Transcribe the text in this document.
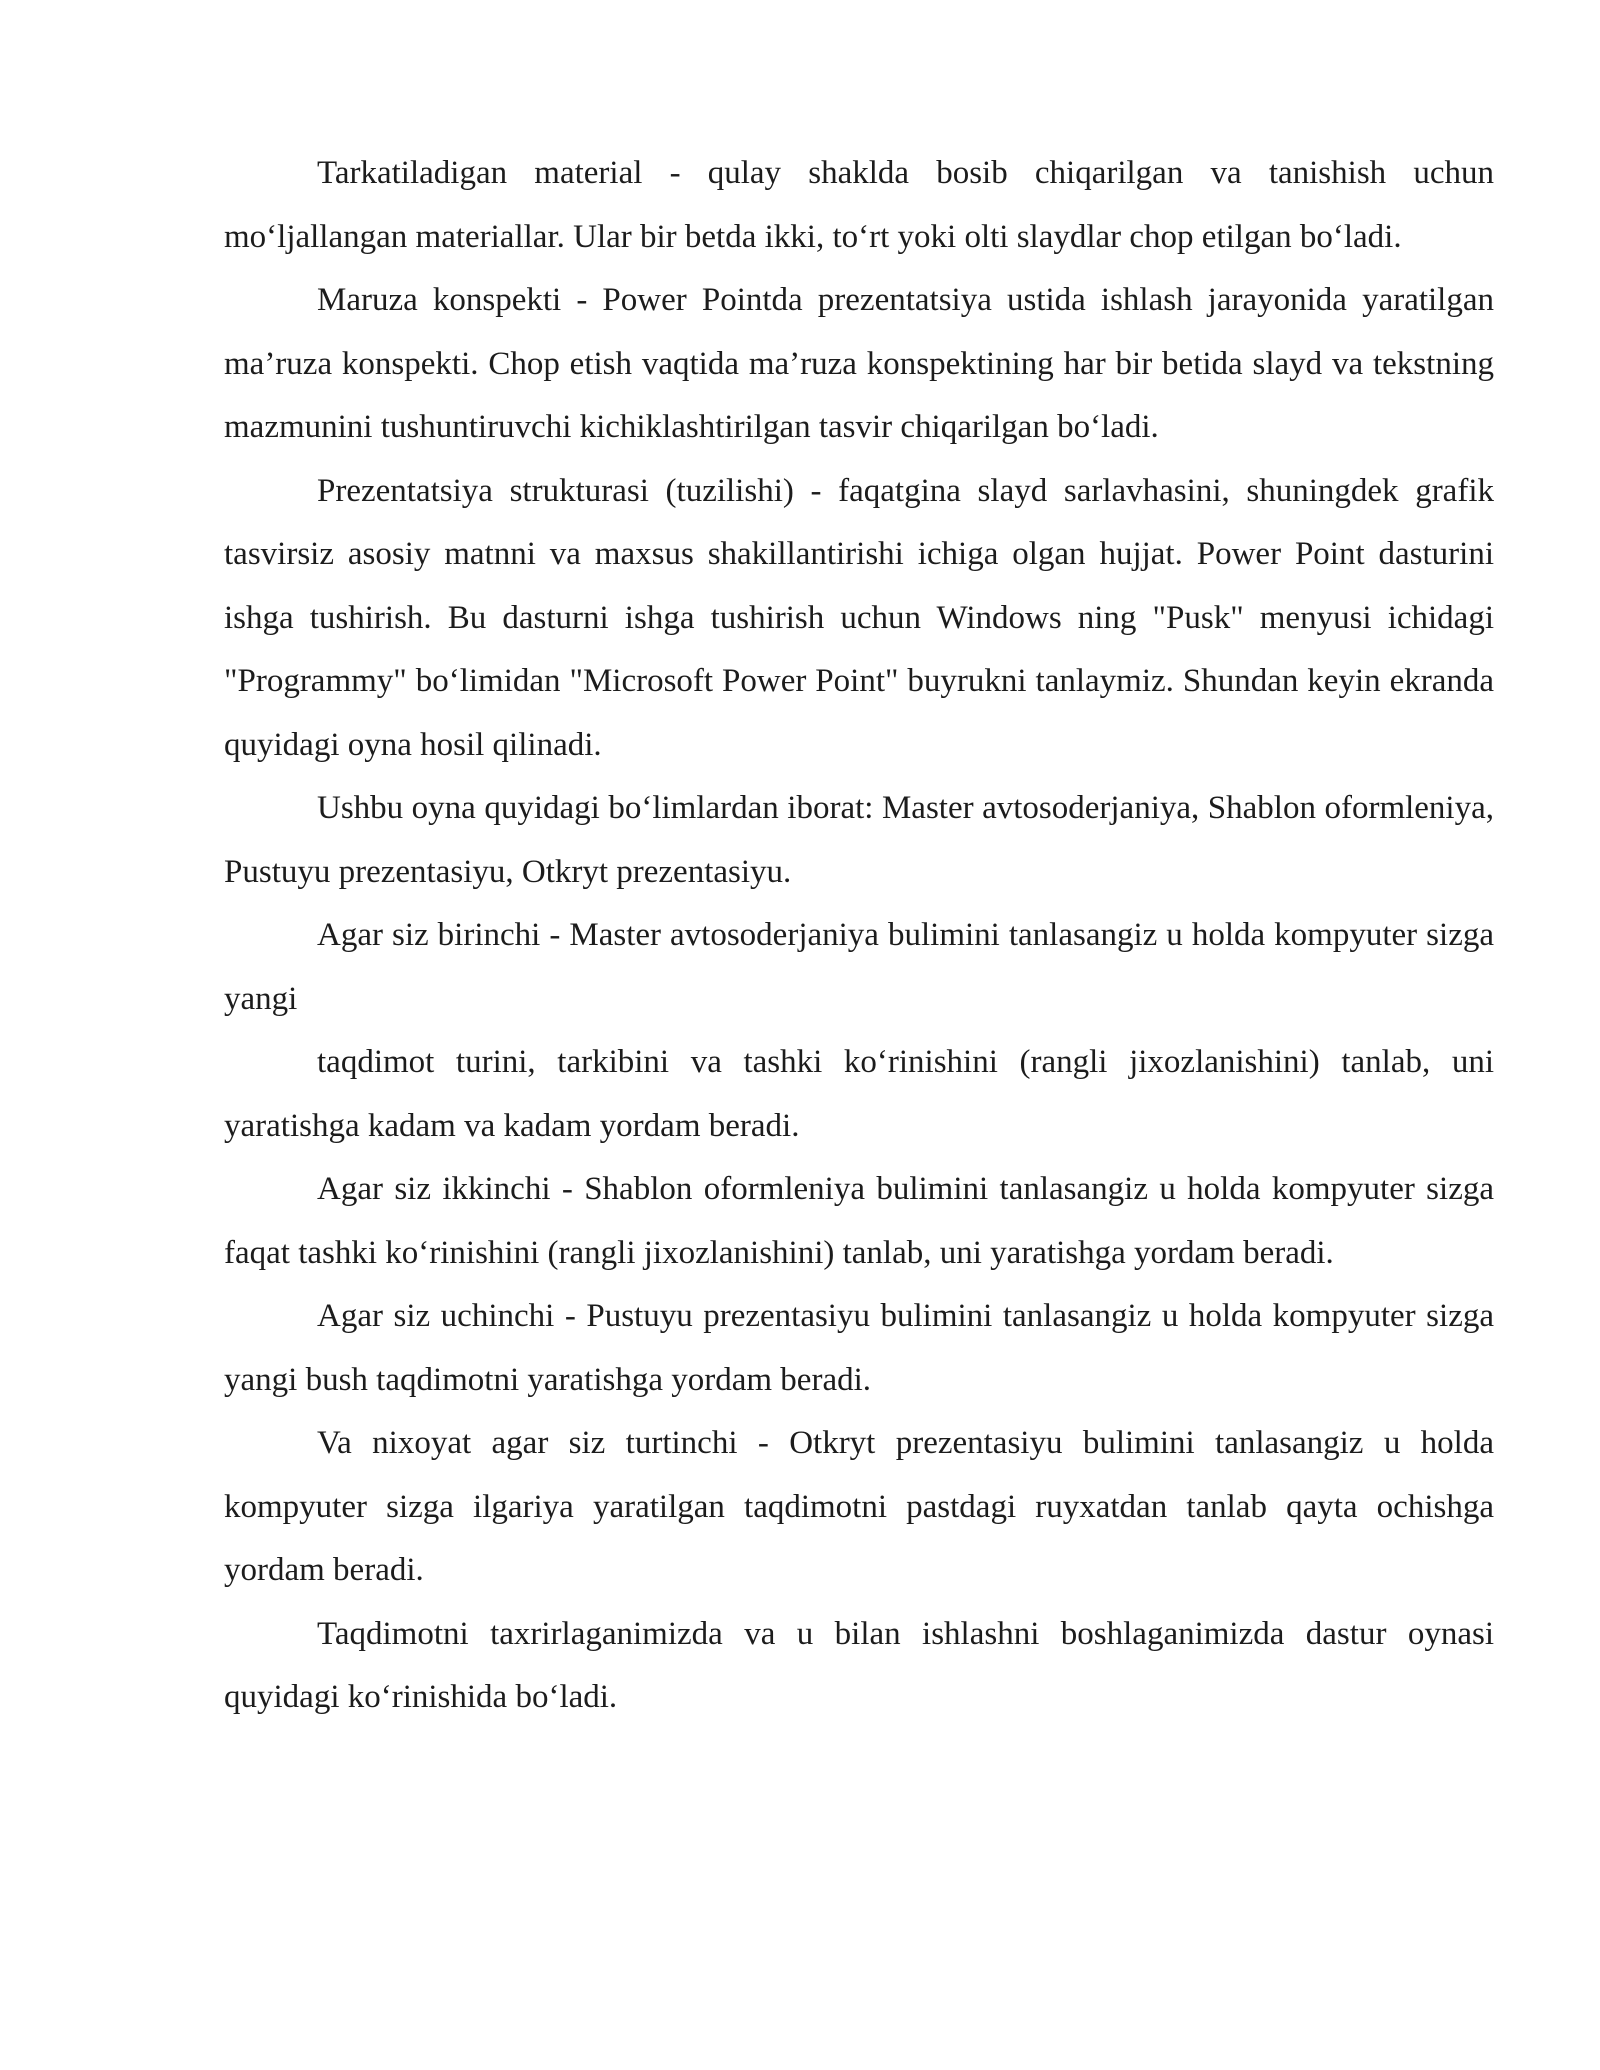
Tarkatiladigan material - qulay shaklda bosib chiqarilgan va tanishish uchun mo‘ljallangan materiallar. Ular bir betda ikki, to‘rt yoki olti slaydlar chop etilgan bo‘ladi.

Maruza konspekti - Power Pointda prezentatsiya ustida ishlash jarayonida yaratilgan ma’ruza konspekti. Chop etish vaqtida ma’ruza konspektining har bir betida slayd va tekstning mazmunini tushuntiruvchi kichiklashtirilgan tasvir chiqarilgan bo‘ladi.

Prezentatsiya strukturasi (tuzilishi) - faqatgina slayd sarlavhasini, shuningdek grafik tasvirsiz asosiy matnni va maxsus shakillantirishi ichiga olgan hujjat. Power Point dasturini ishga tushirish. Bu dasturni ishga tushirish uchun Windows ning "Pusk" menyusi ichidagi "Programmy" bo‘limidan "Microsoft Power Point" buyrukni tanlaymiz. Shundan keyin ekranda quyidagi oyna hosil qilinadi.

Ushbu oyna quyidagi bo‘limlardan iborat: Master avtosoderjaniya, Shablon oformleniya, Pustuyu prezentasiyu, Otkryt prezentasiyu.

Agar siz birinchi - Master avtosoderjaniya bulimini tanlasangiz u holda kompyuter sizga yangi

taqdimot turini, tarkibini va tashki ko‘rinishini (rangli jixozlanishini) tanlab, uni yaratishga kadam va kadam yordam beradi.

Agar siz ikkinchi - Shablon oformleniya bulimini tanlasangiz u holda kompyuter sizga faqat tashki ko‘rinishini (rangli jixozlanishini) tanlab, uni yaratishga yordam beradi.

Agar siz uchinchi - Pustuyu prezentasiyu bulimini tanlasangiz u holda kompyuter sizga yangi bush taqdimotni yaratishga yordam beradi.

Va nixoyat agar siz turtinchi - Otkryt prezentasiyu bulimini tanlasangiz u holda kompyuter sizga ilgariya yaratilgan taqdimotni pastdagi ruyxatdan tanlab qayta ochishga yordam beradi.

Taqdimotni taxrirlaganimizda va u bilan ishlashni boshlaganimizda dastur oynasi quyidagi ko‘rinishida bo‘ladi.
